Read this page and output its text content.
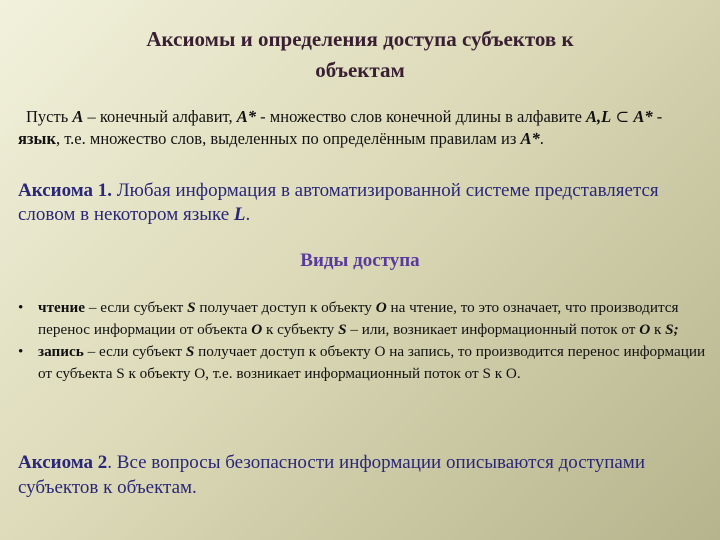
Аксиомы и определения доступа субъектов к
объектам
Пусть A – конечный алфавит, A* - множество слов конечной длины в алфавите A,L ⊂ A* - язык, т.е. множество слов, выделенных по определённым правилам из A*.
Аксиома 1. Любая информация в автоматизированной системе представляется словом в некотором языке L.
Виды доступа
• чтение – если субъект S получает доступ к объекту O на чтение, то это означает, что производится перенос информации от объекта O к субъекту S – или, возникает информационный поток от O к S;
• запись – если субъект S получает доступ к объекту O на запись, то производится перенос информации от субъекта S к объекту O, т.е. возникает информационный поток от S к O.
Аксиома 2. Все вопросы безопасности информации описываются доступами субъектов к объектам.
